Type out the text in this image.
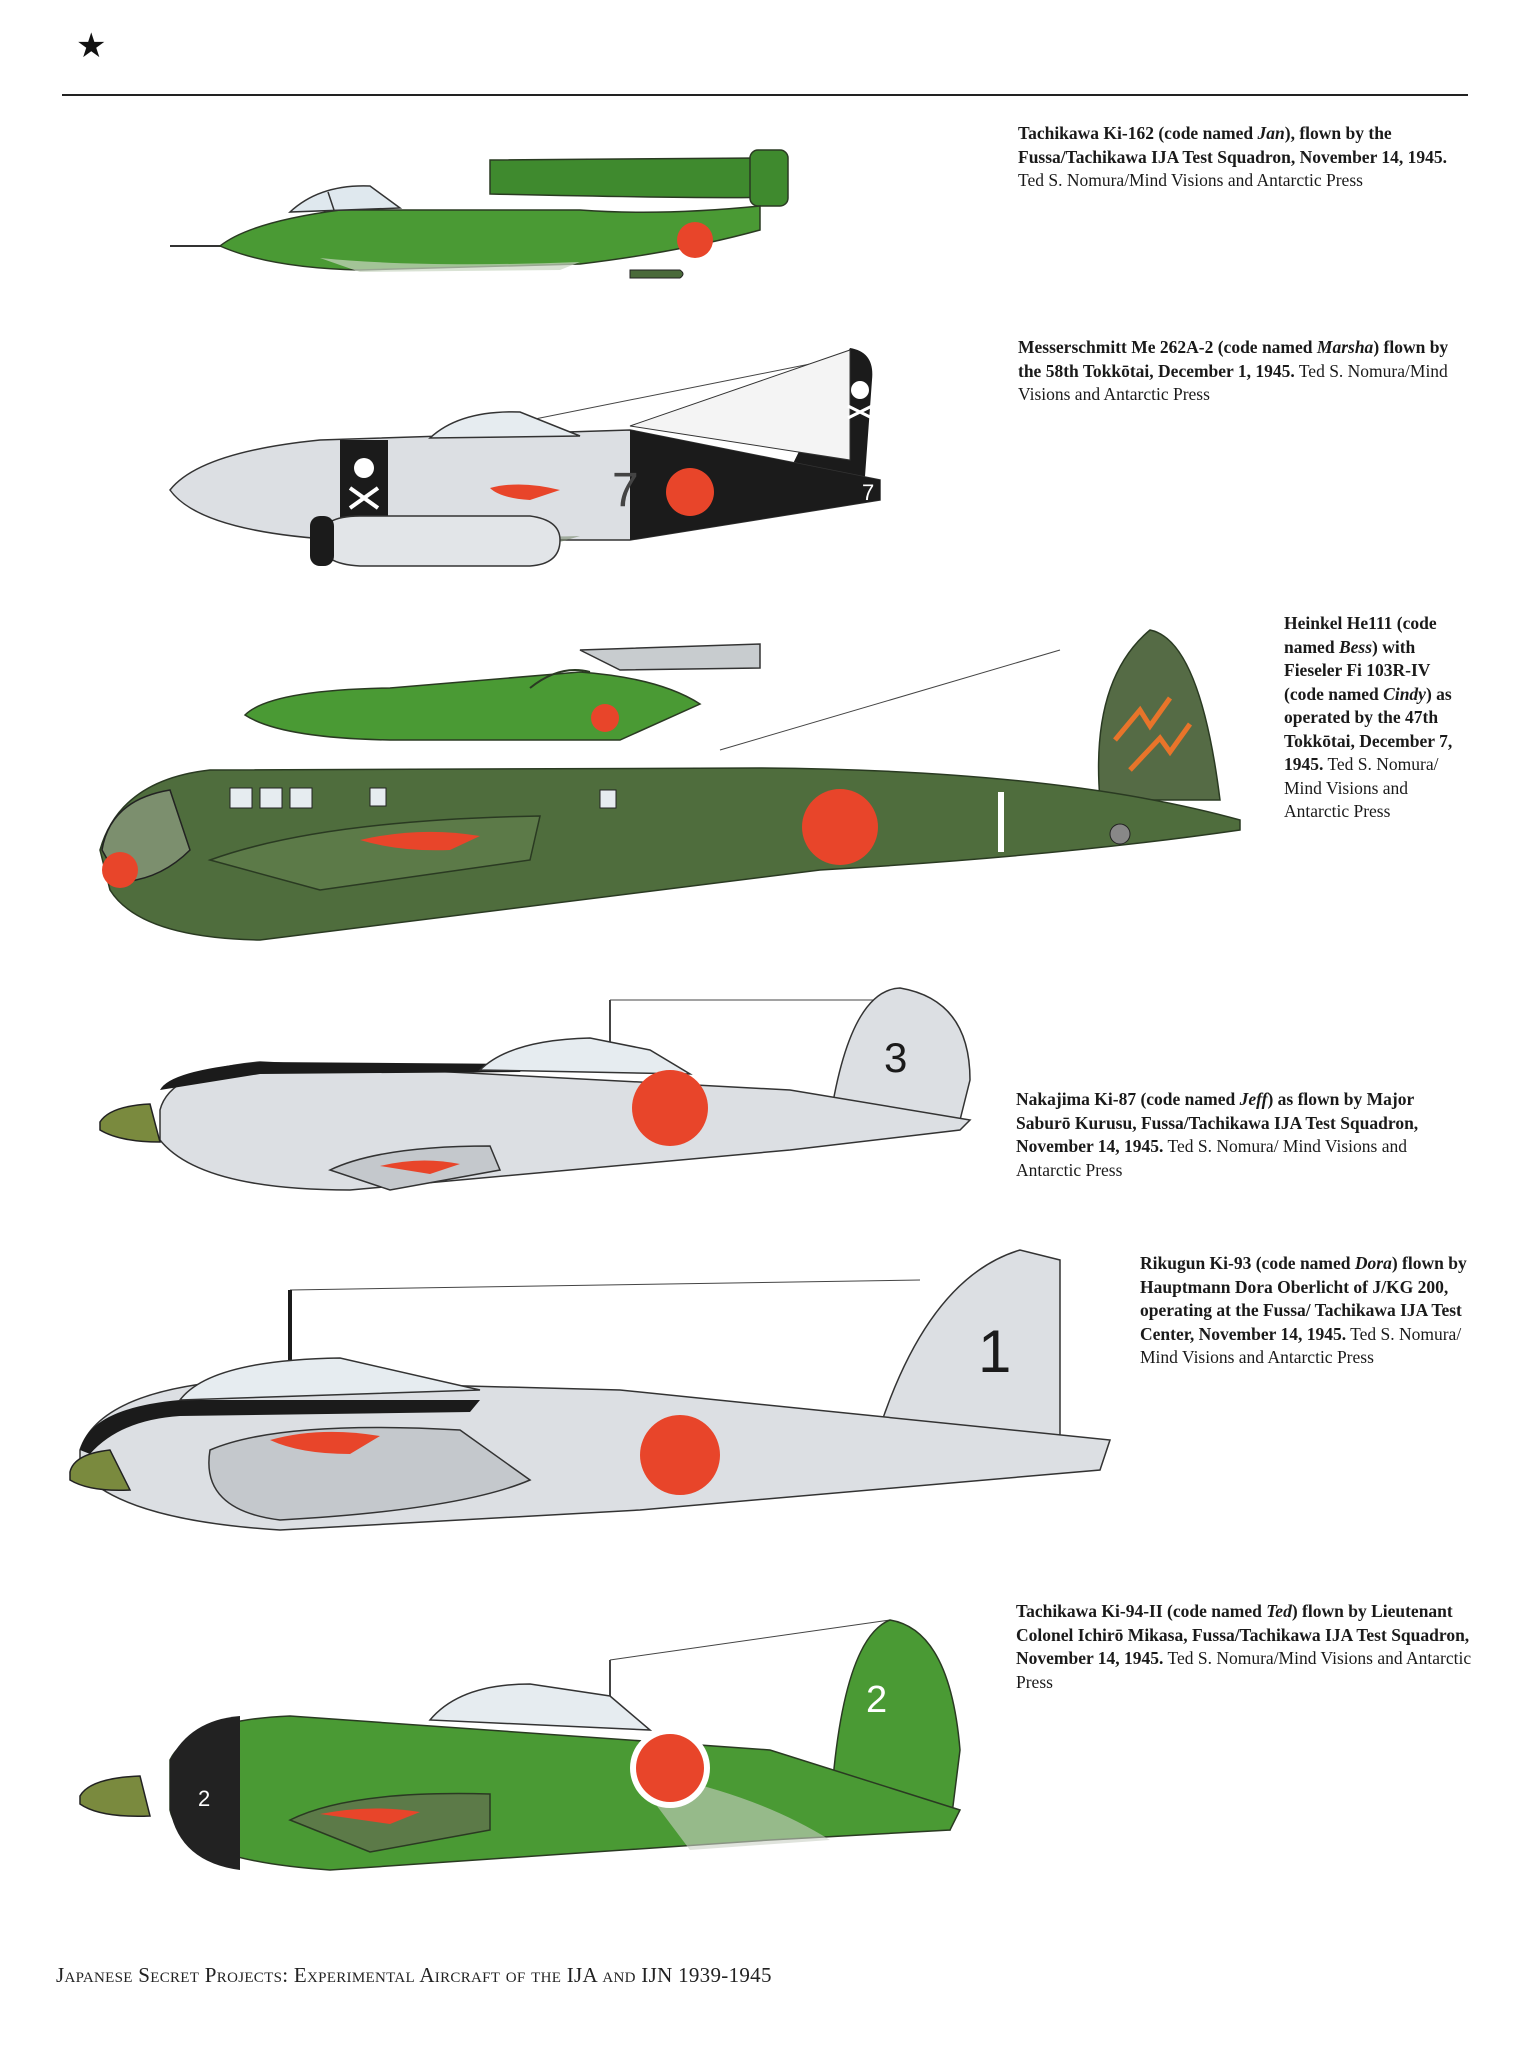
★
7	7
3
1
2
2
Tachikawa Ki-162 (code named Jan), flown by the Fussa/Tachikawa IJA Test Squadron, November 14, 1945. Ted S. Nomura/Mind Visions and Antarctic Press
Messerschmitt Me 262A-2 (code named Marsha) flown by the 58th Tokkōtai, December 1, 1945. Ted S. Nomura/Mind Visions and Antarctic Press
Heinkel He111 (code named Bess) with Fieseler Fi 103R-IV (code named Cindy) as operated by the 47th Tokkōtai, December 7, 1945. Ted S. Nomura/ Mind Visions and Antarctic Press
Nakajima Ki-87 (code named Jeff) as flown by Major Saburō Kurusu, Fussa/Tachikawa IJA Test Squadron, November 14, 1945. Ted S. Nomura/ Mind Visions and Antarctic Press
Rikugun Ki-93 (code named Dora) flown by Hauptmann Dora Oberlicht of J/KG 200, operating at the Fussa/ Tachikawa IJA Test Center, November 14, 1945. Ted S. Nomura/ Mind Visions and Antarctic Press
Tachikawa Ki-94-II (code named Ted) flown by Lieutenant Colonel Ichirō Mikasa, Fussa/Tachikawa IJA Test Squadron, November 14, 1945. Ted S. Nomura/Mind Visions and Antarctic Press
Japanese Secret Projects: Experimental Aircraft of the IJA and IJN 1939-1945
